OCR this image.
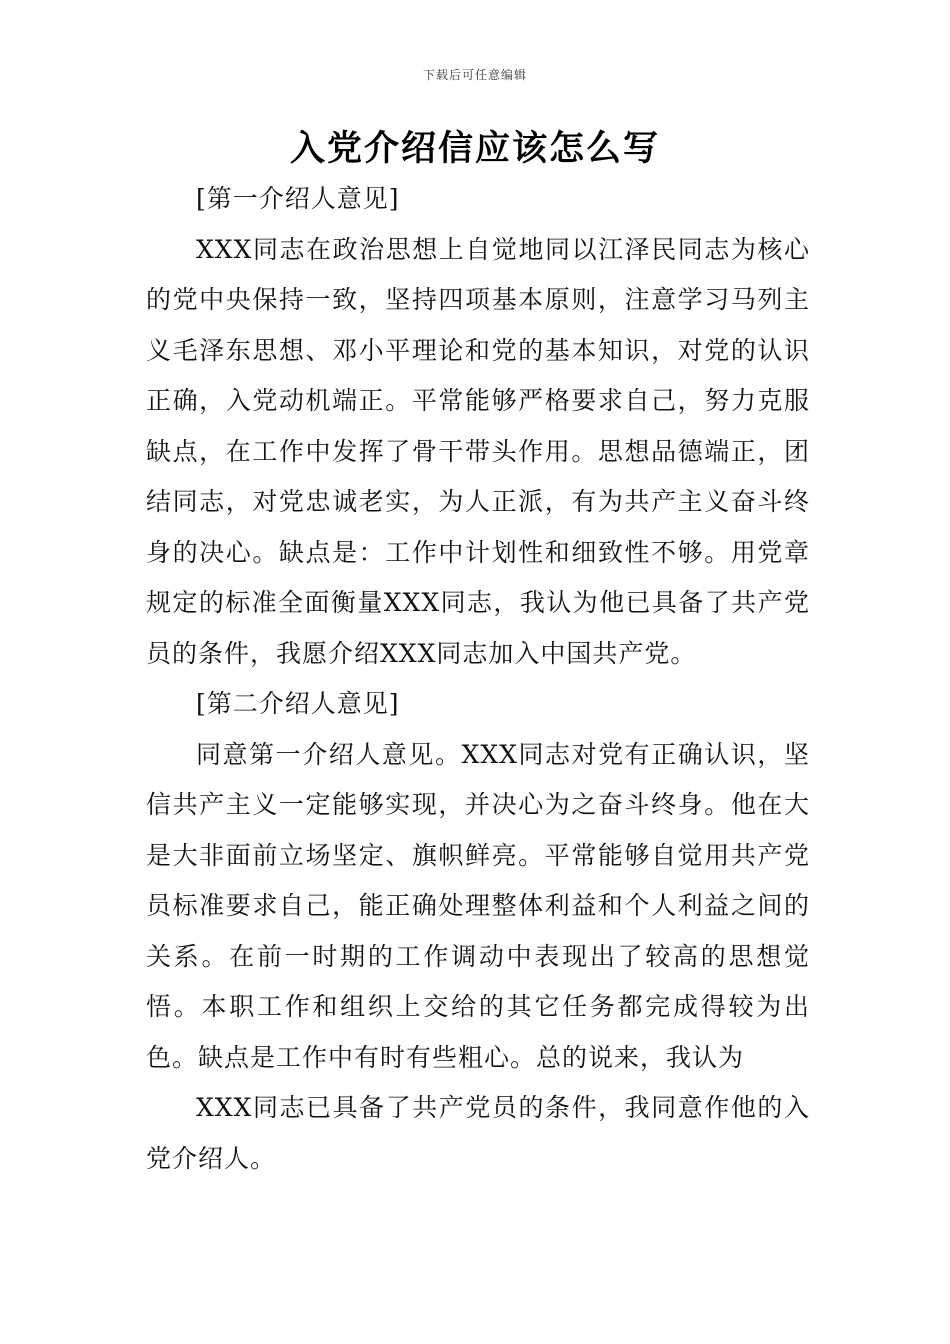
下载后可任意编辑
入党介绍信应该怎么写

[第一介绍人意见]

XXX同志在政治思想上自觉地同以江泽民同志为核心的党中央保持一致，坚持四项基本原则，注意学习马列主义毛泽东思想、邓小平理论和党的基本知识，对党的认识正确，入党动机端正。平常能够严格要求自己，努力克服缺点，在工作中发挥了骨干带头作用。思想品德端正，团结同志，对党忠诚老实，为人正派，有为共产主义奋斗终身的决心。缺点是：工作中计划性和细致性不够。用党章规定的标准全面衡量XXX同志，我认为他已具备了共产党员的条件，我愿介绍XXX同志加入中国共产党。

[第二介绍人意见]

同意第一介绍人意见。XXX同志对党有正确认识，坚信共产主义一定能够实现，并决心为之奋斗终身。他在大是大非面前立场坚定、旗帜鲜亮。平常能够自觉用共产党员标准要求自己，能正确处理整体利益和个人利益之间的关系。在前一时期的工作调动中表现出了较高的思想觉悟。本职工作和组织上交给的其它任务都完成得较为出色。缺点是工作中有时有些粗心。总的说来，我认为

XXX同志已具备了共产党员的条件，我同意作他的入党介绍人。
